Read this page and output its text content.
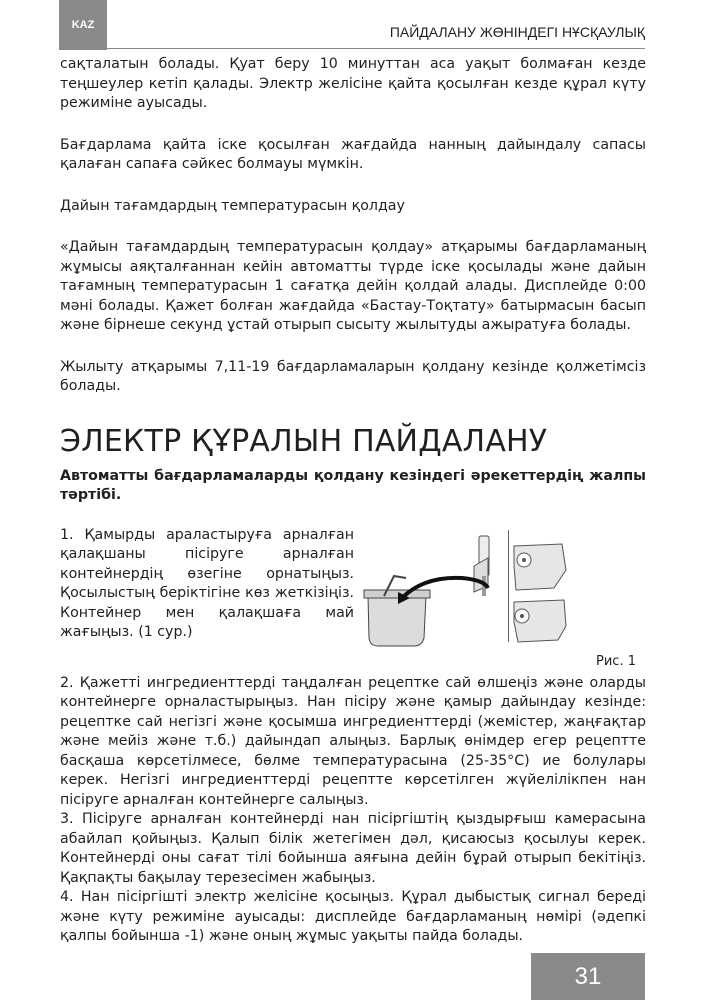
KAZ	ПАЙДАЛАНУ ЖӨНІНДЕГІ НҰСҚАУЛЫҚ

сақталатын болады. Қуат беру 10 минуттан аса уақыт болмаған кезде теңшеулер кетіп қалады. Электр желісіне қайта қосылған кезде құрал күту режиміне ауысады.

Бағдарлама қайта іске қосылған жағдайда нанның дайындалу сапасы қалаған сапаға сәйкес болмауы мүмкін.

Дайын тағамдардың температурасын қолдау

«Дайын тағамдардың температурасын қолдау» атқарымы бағдарламаның жұмысы аяқталғаннан кейін автоматты түрде іске қосылады және дайын тағамның температурасын 1 сағатқа дейін қолдай алады. Дисплейде 0:00 мәні болады. Қажет болған жағдайда «Бастау-Тоқтату» батырмасын басып және бірнеше секунд ұстай отырып сысыту жылытуды ажыратуға болады.

Жылыту атқарымы 7,11-19 бағдарламаларын қолдану кезінде қолжетімсіз болады.

ЭЛЕКТР ҚҰРАЛЫН ПАЙДАЛАНУ

Автоматты бағдарламаларды қолдану кезіндегі әрекеттердің жалпы тәртібі.

1. Қамырды араластыруға арналған қалақшаны пісіруге арналған контейнердің өзегіне орнатыңыз. Қосылыстың беріктігіне көз жеткізіңіз. Контейнер мен қалақшаға май жағыңыз. (1 сур.)

Рис. 1

2. Қажетті ингредиенттерді таңдалған рецептке сай өлшеңіз және оларды контейнерге орналастырыңыз. Нан пісіру және қамыр дайындау кезінде: рецептке сай негізгі және қосымша ингредиенттерді (жемістер, жаңғақтар және мейіз және т.б.) дайындап алыңыз. Барлық өнімдер егер рецептте басқаша көрсетілмесе, бөлме температурасына (25-35°С) ие болулары керек. Негізгі ингредиенттерді рецептте көрсетілген жүйелілікпен нан пісіруге арналған контейнерге салыңыз.

3. Пісіруге арналған контейнерді нан пісіргіштің қыздырғыш камерасына абайлап қойыңыз. Қалып білік жетегімен дәл, қисаюсыз қосылуы керек. Контейнерді оны сағат тілі бойынша аяғына дейін бұрай отырып бекітіңіз. Қақпақты бақылау терезесімен жабыңыз.

4. Нан пісіргішті электр желісіне қосыңыз. Құрал дыбыстық сигнал береді және күту режиміне ауысады: дисплейде бағдарламаның нөмірі (әдепкі қалпы бойынша -1) және оның жұмыс уақыты пайда болады.

31
